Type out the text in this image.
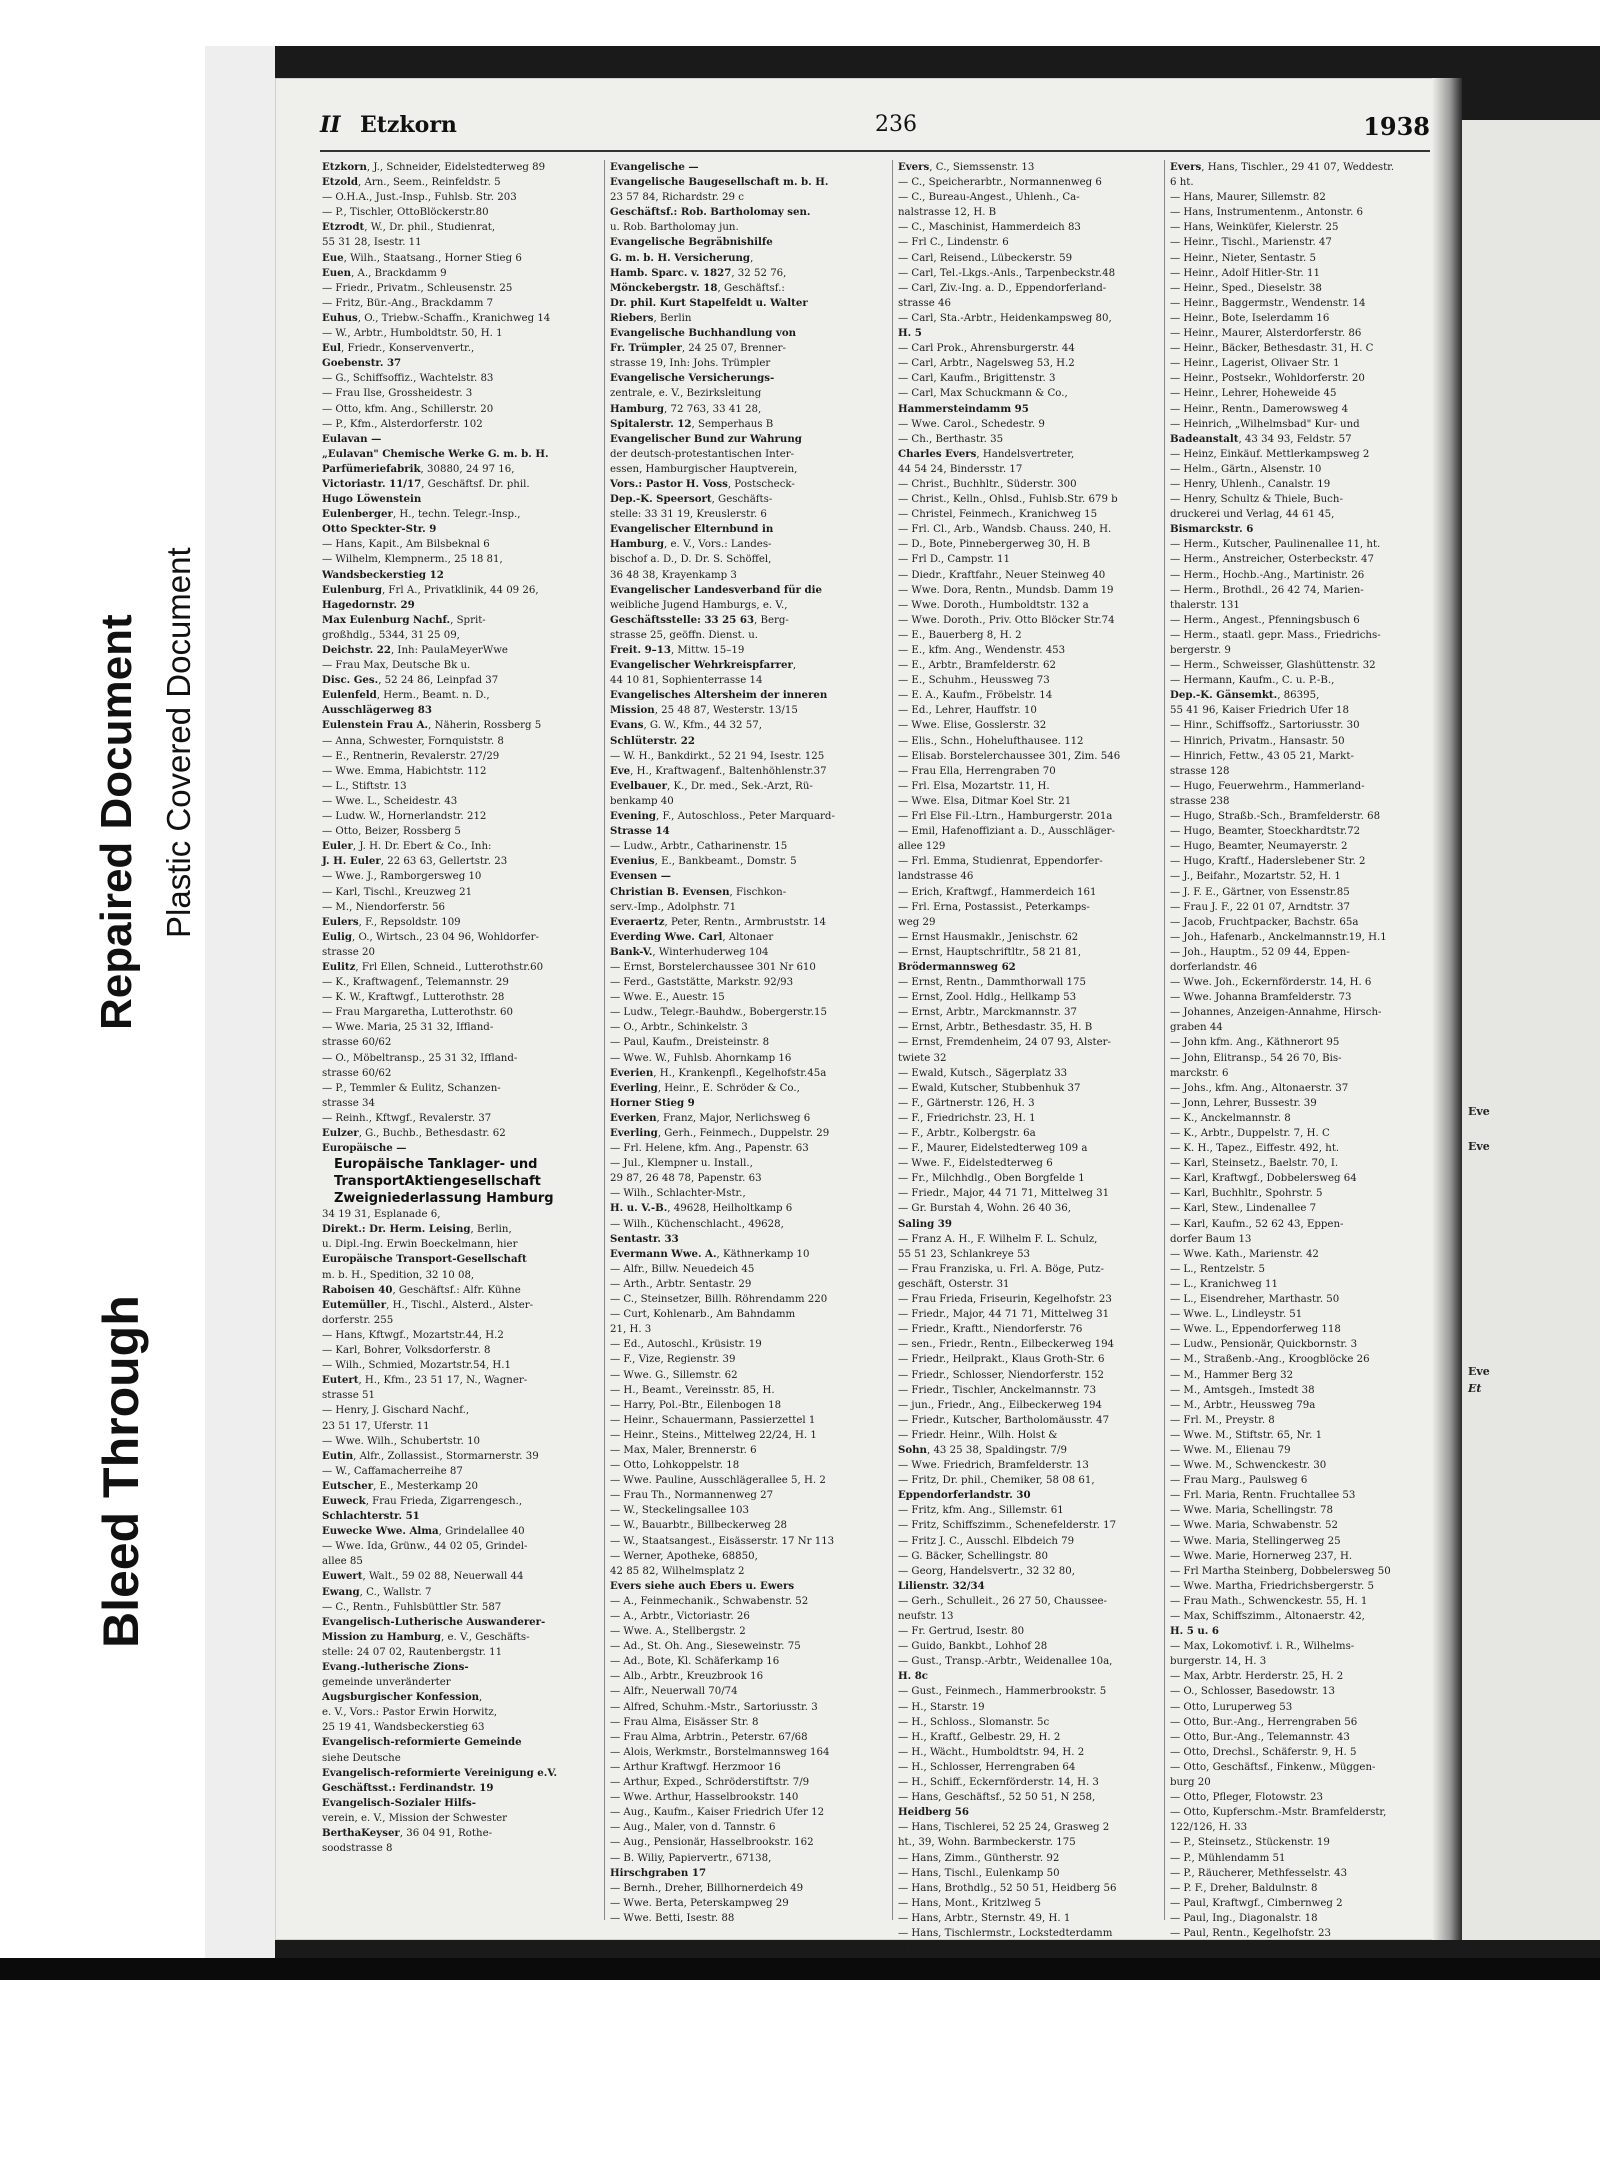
Eve
Eve
Eve
Et
Bleed Through
Repaired Document Plastic Covered Document
II Etzkorn	236	1938
Etzkorn, J., Schneider, Eidelstedterweg 89
Etzold, Arn., Seem., Reinfeldstr. 5
— O.H.A., Just.-Insp., Fuhlsb. Str. 203
— P., Tischler, OttoBlöckerstr.80
Etzrodt, W., Dr. phil., Studienrat,
55 31 28, Isestr. 11
Eue, Wilh., Staatsang., Horner Stieg 6
Euen, A., Brackdamm 9
— Friedr., Privatm., Schleusenstr. 25
— Fritz, Bür.-Ang., Brackdamm 7
Euhus, O., Triebw.-Schaffn., Kranichweg 14
— W., Arbtr., Humboldtstr. 50, H. 1
Eul, Friedr., Konservenvertr.,
Goebenstr. 37
— G., Schiffsoffiz., Wachtelstr. 83
— Frau Ilse, Grossheidestr. 3
— Otto, kfm. Ang., Schillerstr. 20
— P., Kfm., Alsterdorferstr. 102
Eulavan —
„Eulavan" Chemische Werke G. m. b. H.
Parfümeriefabrik, 30880, 24 97 16,
Victoriastr. 11/17, Geschäftsf. Dr. phil.
Hugo Löwenstein
Eulenberger, H., techn. Telegr.-Insp.,
Otto Speckter-Str. 9
— Hans, Kapit., Am Bilsbeknal 6
— Wilhelm, Klempnerm., 25 18 81,
Wandsbeckerstieg 12
Eulenburg, Frl A., Privatklinik, 44 09 26,
Hagedornstr. 29
Max Eulenburg Nachf., Sprit-
großhdlg., 5344, 31 25 09,
Deichstr. 22, Inh: PaulaMeyerWwe
— Frau Max, Deutsche Bk u.
Disc. Ges., 52 24 86, Leinpfad 37
Eulenfeld, Herm., Beamt. n. D.,
Ausschlägerweg 83
Eulenstein Frau A., Näherin, Rossberg 5
— Anna, Schwester, Fornquiststr. 8
— E., Rentnerin, Revalerstr. 27/29
— Wwe. Emma, Habichtstr. 112
— L., Stiftstr. 13
— Wwe. L., Scheidestr. 43
— Ludw. W., Hornerlandstr. 212
— Otto, Beizer, Rossberg 5
Euler, J. H. Dr. Ebert & Co., Inh:
J. H. Euler, 22 63 63, Gellertstr. 23
— Wwe. J., Ramborgersweg 10
— Karl, Tischl., Kreuzweg 21
— M., Niendorferstr. 56
Eulers, F., Repsoldstr. 109
Eulig, O., Wirtsch., 23 04 96, Wohldorfer-
strasse 20
Eulitz, Frl Ellen, Schneid., Lutterothstr.60
— K., Kraftwagenf., Telemannstr. 29
— K. W., Kraftwgf., Lutterothstr. 28
— Frau Margaretha, Lutterothstr. 60
— Wwe. Maria, 25 31 32, Iffland-
strasse 60/62
— O., Möbeltransp., 25 31 32, Iffland-
strasse 60/62
— P., Temmler & Eulitz, Schanzen-
strasse 34
— Reinh., Kftwgf., Revalerstr. 37
Eulzer, G., Buchb., Bethesdastr. 62
Europäische —
Europäische Tanklager- und TransportAktiengesellschaft Zweigniederlassung Hamburg
34 19 31, Esplanade 6,
Direkt.: Dr. Herm. Leising, Berlin,
u. Dipl.-Ing. Erwin Boeckelmann, hier
Europäische Transport-Gesellschaft
m. b. H., Spedition, 32 10 08,
Raboisen 40, Geschäftsf.: Alfr. Kühne
Eutemüller, H., Tischl., Alsterd., Alster-
dorferstr. 255
— Hans, Kftwgf., Mozartstr.44, H.2
— Karl, Bohrer, Volksdorferstr. 8
— Wilh., Schmied, Mozartstr.54, H.1
Eutert, H., Kfm., 23 51 17, N., Wagner-
strasse 51
— Henry, J. Gischard Nachf.,
23 51 17, Uferstr. 11
— Wwe. Wilh., Schubertstr. 10
Eutin, Alfr., Zollassist., Stormarnerstr. 39
— W., Caffamacherreihe 87
Eutscher, E., Mesterkamp 20
Euweck, Frau Frieda, Zigarrengesch.,
Schlachterstr. 51
Euwecke Wwe. Alma, Grindelallee 40
— Wwe. Ida, Grünw., 44 02 05, Grindel-
allee 85
Euwert, Walt., 59 02 88, Neuerwall 44
Ewang, C., Wallstr. 7
— C., Rentn., Fuhlsbüttler Str. 587
Evangelisch-Lutherische Auswanderer-
Mission zu Hamburg, e. V., Geschäfts-
stelle: 24 07 02, Rautenbergstr. 11
Evang.-lutherische Zions-
gemeinde unveränderter
Augsburgischer Konfession,
e. V., Vors.: Pastor Erwin Horwitz,
25 19 41, Wandsbeckerstieg 63
Evangelisch-reformierte Gemeinde
siehe Deutsche
Evangelisch-reformierte Vereinigung e.V.
Geschäftsst.: Ferdinandstr. 19
Evangelisch-Sozialer Hilfs-
verein, e. V., Mission der Schwester
BerthaKeyser, 36 04 91, Rothe-
soodstrasse 8
Evangelische —
Evangelische Baugesellschaft m. b. H.
23 57 84, Richardstr. 29 c
Geschäftsf.: Rob. Bartholomay sen.
u. Rob. Bartholomay jun.
Evangelische Begräbnishilfe
G. m. b. H. Versicherung,
Hamb. Sparc. v. 1827, 32 52 76,
Mönckebergstr. 18, Geschäftsf.:
Dr. phil. Kurt Stapelfeldt u. Walter
Riebers, Berlin
Evangelische Buchhandlung von
Fr. Trümpler, 24 25 07, Brenner-
strasse 19, Inh: Johs. Trümpler
Evangelische Versicherungs-
zentrale, e. V., Bezirksleitung
Hamburg, 72 763, 33 41 28,
Spitalerstr. 12, Semperhaus B
Evangelischer Bund zur Wahrung
der deutsch-protestantischen Inter-
essen, Hamburgischer Hauptverein,
Vors.: Pastor H. Voss, Postscheck-
Dep.-K. Speersort, Geschäfts-
stelle: 33 31 19, Kreuslerstr. 6
Evangelischer Elternbund in
Hamburg, e. V., Vors.: Landes-
bischof a. D., D. Dr. S. Schöffel,
36 48 38, Krayenkamp 3
Evangelischer Landesverband für die
weibliche Jugend Hamburgs, e. V.,
Geschäftsstelle: 33 25 63, Berg-
strasse 25, geöffn. Dienst. u.
Freit. 9–13, Mittw. 15–19
Evangelischer Wehrkreispfarrer,
44 10 81, Sophienterrasse 14
Evangelisches Altersheim der inneren
Mission, 25 48 87, Westerstr. 13/15
Evans, G. W., Kfm., 44 32 57,
Schlüterstr. 22
— W. H., Bankdirkt., 52 21 94, Isestr. 125
Eve, H., Kraftwagenf., Baltenhöhlenstr.37
Evelbauer, K., Dr. med., Sek.-Arzt, Rü-
benkamp 40
Evening, F., Autoschloss., Peter Marquard-
Strasse 14
— Ludw., Arbtr., Catharinenstr. 15
Evenius, E., Bankbeamt., Domstr. 5
Evensen —
Christian B. Evensen, Fischkon-
serv.-Imp., Adolphstr. 71
Everaertz, Peter, Rentn., Armbruststr. 14
Everding Wwe. Carl, Altonaer
Bank-V., Winterhuderweg 104
— Ernst, Borstelerchaussee 301 Nr 610
— Ferd., Gaststätte, Markstr. 92/93
— Wwe. E., Auestr. 15
— Ludw., Telegr.-Bauhdw., Bobergerstr.15
— O., Arbtr., Schinkelstr. 3
— Paul, Kaufm., Dreisteinstr. 8
— Wwe. W., Fuhlsb. Ahornkamp 16
Everien, H., Krankenpfl., Kegelhofstr.45a
Everling, Heinr., E. Schröder & Co.,
Horner Stieg 9
Everken, Franz, Major, Nerlichsweg 6
Everling, Gerh., Feinmech., Duppelstr. 29
— Frl. Helene, kfm. Ang., Papenstr. 63
— Jul., Klempner u. Install.,
29 87, 26 48 78, Papenstr. 63
— Wilh., Schlachter-Mstr.,
H. u. V.-B., 49628, Heilholtkamp 6
— Wilh., Küchenschlacht., 49628,
Sentastr. 33
Evermann Wwe. A., Käthnerkamp 10
— Alfr., Billw. Neuedeich 45
— Arth., Arbtr. Sentastr. 29
— C., Steinsetzer, Billh. Röhrendamm 220
— Curt, Kohlenarb., Am Bahndamm
21, H. 3
— Ed., Autoschl., Krüsistr. 19
— F., Vize, Regienstr. 39
— Wwe. G., Sillemstr. 62
— H., Beamt., Vereinsstr. 85, H.
— Harry, Pol.-Btr., Eilenbogen 18
— Heinr., Schauermann, Passierzettel 1
— Heinr., Steins., Mittelweg 22/24, H. 1
— Max, Maler, Brennerstr. 6
— Otto, Lohkoppelstr. 18
— Wwe. Pauline, Ausschlägerallee 5, H. 2
— Frau Th., Normannenweg 27
— W., Steckelingsallee 103
— W., Bauarbtr., Billbeckerweg 28
— W., Staatsangest., Eisässerstr. 17 Nr 113
— Werner, Apotheke, 68850,
42 85 82, Wilhelmsplatz 2
Evers siehe auch Ebers u. Ewers
— A., Feinmechanik., Schwabenstr. 52
— A., Arbtr., Victoriastr. 26
— Wwe. A., Stellbergstr. 2
— Ad., St. Oh. Ang., Sieseweinstr. 75
— Ad., Bote, Kl. Schäferkamp 16
— Alb., Arbtr., Kreuzbrook 16
— Alfr., Neuerwall 70/74
— Alfred, Schuhm.-Mstr., Sartoriusstr. 3
— Frau Alma, Eisässer Str. 8
— Frau Alma, Arbtrin., Peterstr. 67/68
— Alois, Werkmstr., Borstelmannsweg 164
— Arthur Kraftwgf. Herzmoor 16
— Arthur, Exped., Schröderstiftstr. 7/9
— Wwe. Arthur, Hasselbrookstr. 140
— Aug., Kaufm., Kaiser Friedrich Ufer 12
— Aug., Maler, von d. Tannstr. 6
— Aug., Pensionär, Hasselbrookstr. 162
— B. Wiliy, Papiervertr., 67138,
Hirschgraben 17
— Bernh., Dreher, Billhornerdeich 49
— Wwe. Berta, Peterskampweg 29
— Wwe. Betti, Isestr. 88
Evers, C., Siemssenstr. 13
— C., Speicherarbtr., Normannenweg 6
— C., Bureau-Angest., Uhlenh., Ca-
nalstrasse 12, H. B
— C., Maschinist, Hammerdeich 83
— Frl C., Lindenstr. 6
— Carl, Reisend., Lübeckerstr. 59
— Carl, Tel.-Lkgs.-Anls., Tarpenbeckstr.48
— Carl, Ziv.-Ing. a. D., Eppendorferland-
strasse 46
— Carl, Sta.-Arbtr., Heidenkampsweg 80,
H. 5
— Carl Prok., Ahrensburgerstr. 44
— Carl, Arbtr., Nagelsweg 53, H.2
— Carl, Kaufm., Brigittenstr. 3
— Carl, Max Schuckmann & Co.,
Hammersteindamm 95
— Wwe. Carol., Schedestr. 9
— Ch., Berthastr. 35
Charles Evers, Handelsvertreter,
44 54 24, Bindersstr. 17
— Christ., Buchhltr., Süderstr. 300
— Christ., Kelln., Ohlsd., Fuhlsb.Str. 679 b
— Christel, Feinmech., Kranichweg 15
— Frl. Cl., Arb., Wandsb. Chauss. 240, H.
— D., Bote, Pinnebergerweg 30, H. B
— Frl D., Campstr. 11
— Diedr., Kraftfahr., Neuer Steinweg 40
— Wwe. Dora, Rentn., Mundsb. Damm 19
— Wwe. Doroth., Humboldtstr. 132 a
— Wwe. Doroth., Priv. Otto Blöcker Str.74
— E., Bauerberg 8, H. 2
— E., kfm. Ang., Wendenstr. 453
— E., Arbtr., Bramfelderstr. 62
— E., Schuhm., Heussweg 73
— E. A., Kaufm., Fröbelstr. 14
— Ed., Lehrer, Hauffstr. 10
— Wwe. Elise, Gosslerstr. 32
— Elis., Schn., Hohelufthausee. 112
— Elisab. Borstelerchaussee 301, Zim. 546
— Frau Ella, Herrengraben 70
— Frl. Elsa, Mozartstr. 11, H.
— Wwe. Elsa, Ditmar Koel Str. 21
— Frl Else Fil.-Ltrn., Hamburgerstr. 201a
— Emil, Hafenoffiziant a. D., Ausschläger-
allee 129
— Frl. Emma, Studienrat, Eppendorfer-
landstrasse 46
— Erich, Kraftwgf., Hammerdeich 161
— Frl. Erna, Postassist., Peterkamps-
weg 29
— Ernst Hausmaklr., Jenischstr. 62
— Ernst, Hauptschriftltr., 58 21 81,
Brödermannsweg 62
— Ernst, Rentn., Dammthorwall 175
— Ernst, Zool. Hdlg., Hellkamp 53
— Ernst, Arbtr., Marckmannstr. 37
— Ernst, Arbtr., Bethesdastr. 35, H. B
— Ernst, Fremdenheim, 24 07 93, Alster-
twiete 32
— Ewald, Kutsch., Sägerplatz 33
— Ewald, Kutscher, Stubbenhuk 37
— F., Gärtnerstr. 126, H. 3
— F., Friedrichstr. 23, H. 1
— F., Arbtr., Kolbergstr. 6a
— F., Maurer, Eidelstedterweg 109 a
— Wwe. F., Eidelstedterweg 6
— Fr., Milchhdlg., Oben Borgfelde 1
— Friedr., Major, 44 71 71, Mittelweg 31
— Gr. Burstah 4, Wohn. 26 40 36,
Saling 39
— Franz A. H., F. Wilhelm F. L. Schulz,
55 51 23, Schlankreye 53
— Frau Franziska, u. Frl. A. Böge, Putz-
geschäft, Osterstr. 31
— Frau Frieda, Friseurin, Kegelhofstr. 23
— Friedr., Major, 44 71 71, Mittelweg 31
— Friedr., Kraftt., Niendorferstr. 76
— sen., Friedr., Rentn., Eilbeckerweg 194
— Friedr., Heilprakt., Klaus Groth-Str. 6
— Friedr., Schlosser, Niendorferstr. 152
— Friedr., Tischler, Anckelmannstr. 73
— jun., Friedr., Ang., Eilbeckerweg 194
— Friedr., Kutscher, Bartholomäusstr. 47
— Friedr. Heinr., Wilh. Holst &
Sohn, 43 25 38, Spaldingstr. 7/9
— Wwe. Friedrich, Bramfelderstr. 13
— Fritz, Dr. phil., Chemiker, 58 08 61,
Eppendorferlandstr. 30
— Fritz, kfm. Ang., Sillemstr. 61
— Fritz, Schiffszimm., Schenefelderstr. 17
— Fritz J. C., Ausschl. Elbdeich 79
— G. Bäcker, Schellingstr. 80
— Georg, Handelsvertr., 32 32 80,
Lilienstr. 32/34
— Gerh., Schulleit., 26 27 50, Chaussee-
neufstr. 13
— Fr. Gertrud, Isestr. 80
— Guido, Bankbt., Lohhof 28
— Gust., Transp.-Arbtr., Weidenallee 10a,
H. 8c
— Gust., Feinmech., Hammerbrookstr. 5
— H., Starstr. 19
— H., Schloss., Slomanstr. 5c
— H., Kraftf., Gelbestr. 29, H. 2
— H., Wächt., Humboldtstr. 94, H. 2
— H., Schlosser, Herrengraben 64
— H., Schiff., Eckernförderstr. 14, H. 3
— Hans, Geschäftsf., 52 50 51, N 258,
Heidberg 56
— Hans, Tischlerei, 52 25 24, Grasweg 2
ht., 39, Wohn. Barmbeckerstr. 175
— Hans, Zimm., Güntherstr. 92
— Hans, Tischl., Eulenkamp 50
— Hans, Brothdlg., 52 50 51, Heidberg 56
— Hans, Mont., Kritzlweg 5
— Hans, Arbtr., Sternstr. 49, H. 1
— Hans, Tischlermstr., Lockstedterdamm
44, 26, Wohn. 52 77 68, Schedestr.3
Evers, Hans, Tischler., 29 41 07, Weddestr.
6 ht.
— Hans, Maurer, Sillemstr. 82
— Hans, Instrumentenm., Antonstr. 6
— Hans, Weinküfer, Kielerstr. 25
— Heinr., Tischl., Marienstr. 47
— Heinr., Nieter, Sentastr. 5
— Heinr., Adolf Hitler-Str. 11
— Heinr., Sped., Dieselstr. 38
— Heinr., Baggermstr., Wendenstr. 14
— Heinr., Bote, Iselerdamm 16
— Heinr., Maurer, Alsterdorferstr. 86
— Heinr., Bäcker, Bethesdastr. 31, H. C
— Heinr., Lagerist, Olivaer Str. 1
— Heinr., Postsekr., Wohldorferstr. 20
— Heinr., Lehrer, Hoheweide 45
— Heinr., Rentn., Damerowsweg 4
— Heinrich, „Wilhelmsbad" Kur- und
Badeanstalt, 43 34 93, Feldstr. 57
— Heinz, Einkäuf. Mettlerkampsweg 2
— Helm., Gärtn., Alsenstr. 10
— Henry, Uhlenh., Canalstr. 19
— Henry, Schultz & Thiele, Buch-
druckerei und Verlag, 44 61 45,
Bismarckstr. 6
— Herm., Kutscher, Paulinenallee 11, ht.
— Herm., Anstreicher, Osterbeckstr. 47
— Herm., Hochb.-Ang., Martinistr. 26
— Herm., Brothdl., 26 42 74, Marien-
thalerstr. 131
— Herm., Angest., Pfenningsbusch 6
— Herm., staatl. gepr. Mass., Friedrichs-
bergerstr. 9
— Herm., Schweisser, Glashüttenstr. 32
— Hermann, Kaufm., C. u. P.-B.,
Dep.-K. Gänsemkt., 86395,
55 41 96, Kaiser Friedrich Ufer 18
— Hinr., Schiffsoffz., Sartoriusstr. 30
— Hinrich, Privatm., Hansastr. 50
— Hinrich, Fettw., 43 05 21, Markt-
strasse 128
— Hugo, Feuerwehrm., Hammerland-
strasse 238
— Hugo, Straßb.-Sch., Bramfelderstr. 68
— Hugo, Beamter, Stoeckhardtstr.72
— Hugo, Beamter, Neumayerstr. 2
— Hugo, Kraftf., Haderslebener Str. 2
— J., Beifahr., Mozartstr. 52, H. 1
— J. F. E., Gärtner, von Essenstr.85
— Frau J. F., 22 01 07, Arndtstr. 37
— Jacob, Fruchtpacker, Bachstr. 65a
— Joh., Hafenarb., Anckelmannstr.19, H.1
— Joh., Hauptm., 52 09 44, Eppen-
dorferlandstr. 46
— Wwe. Joh., Eckernförderstr. 14, H. 6
— Wwe. Johanna Bramfelderstr. 73
— Johannes, Anzeigen-Annahme, Hirsch-
graben 44
— John kfm. Ang., Käthnerort 95
— John, Elitransp., 54 26 70, Bis-
marckstr. 6
— Johs., kfm. Ang., Altonaerstr. 37
— Jonn, Lehrer, Bussestr. 39
— K., Anckelmannstr. 8
— K., Arbtr., Duppelstr. 7, H. C
— K. H., Tapez., Eiffestr. 492, ht.
— Karl, Steinsetz., Baelstr. 70, I.
— Karl, Kraftwgf., Dobbelersweg 64
— Karl, Buchhltr., Spohrstr. 5
— Karl, Stew., Lindenallee 7
— Karl, Kaufm., 52 62 43, Eppen-
dorfer Baum 13
— Wwe. Kath., Marienstr. 42
— L., Rentzelstr. 5
— L., Kranichweg 11
— L., Eisendreher, Marthastr. 50
— Wwe. L., Lindleystr. 51
— Wwe. L., Eppendorferweg 118
— Ludw., Pensionär, Quickbornstr. 3
— M., Straßenb.-Ang., Kroogblöcke 26
— M., Hammer Berg 32
— M., Amtsgeh., Imstedt 38
— M., Arbtr., Heussweg 79a
— Frl. M., Preystr. 8
— Wwe. M., Stiftstr. 65, Nr. 1
— Wwe. M., Elienau 79
— Wwe. M., Schwenckestr. 30
— Frau Marg., Paulsweg 6
— Frl. Maria, Rentn. Fruchtallee 53
— Wwe. Maria, Schellingstr. 78
— Wwe. Maria, Schwabenstr. 52
— Wwe. Maria, Stellingerweg 25
— Wwe. Marie, Hornerweg 237, H.
— Frl Martha Steinberg, Dobbelersweg 50
— Wwe. Martha, Friedrichsbergerstr. 5
— Frau Math., Schwenckestr. 55, H. 1
— Max, Schiffszimm., Altonaerstr. 42,
H. 5 u. 6
— Max, Lokomotivf. i. R., Wilhelms-
burgerstr. 14, H. 3
— Max, Arbtr. Herderstr. 25, H. 2
— O., Schlosser, Basedowstr. 13
— Otto, Luruperweg 53
— Otto, Bur.-Ang., Herrengraben 56
— Otto, Bur.-Ang., Telemannstr. 43
— Otto, Drechsl., Schäferstr. 9, H. 5
— Otto, Geschäftsf., Finkenw., Müggen-
burg 20
— Otto, Pfleger, Flotowstr. 23
— Otto, Kupferschm.-Mstr. Bramfelderstr,
122/126, H. 33
— P., Steinsetz., Stückenstr. 19
— P., Mühlendamm 51
— P., Räucherer, Methfesselstr. 43
— P. F., Dreher, Baldulnstr. 8
— Paul, Kraftwgf., Cimbernweg 2
— Paul, Ing., Diagonalstr. 18
— Paul, Rentn., Kegelhofstr. 23
